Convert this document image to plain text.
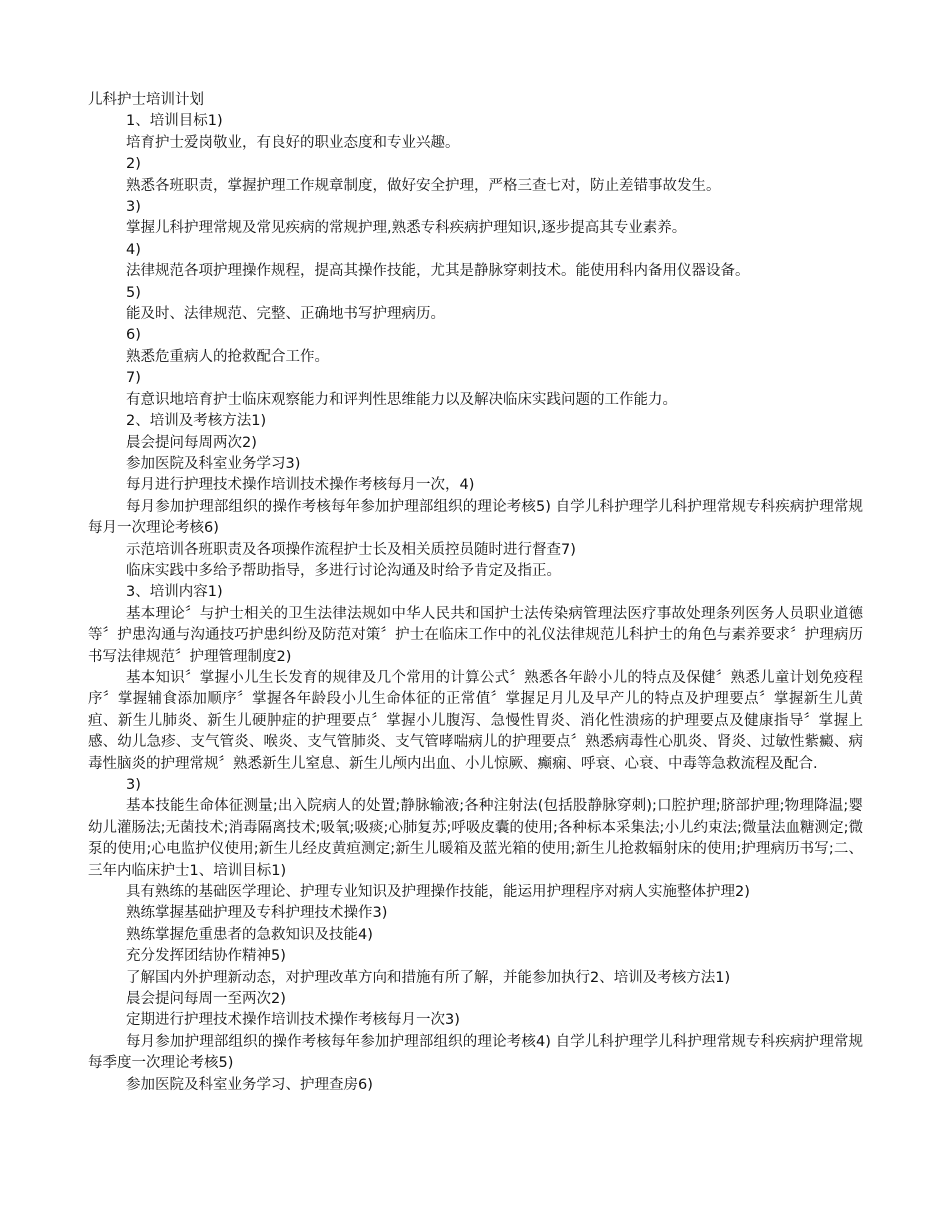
儿科护士培训计划

1、培训目标1)

培育护士爱岗敬业，有良好的职业态度和专业兴趣。

2)

熟悉各班职责，掌握护理工作规章制度，做好安全护理，严格三查七对，防止差错事故发生。

3)

掌握儿科护理常规及常见疾病的常规护理,熟悉专科疾病护理知识,逐步提高其专业素养。

4)

法律规范各项护理操作规程，提高其操作技能，尤其是静脉穿刺技术。能使用科内备用仪器设备。

5)

能及时、法律规范、完整、正确地书写护理病历。

6)

熟悉危重病人的抢救配合工作。

7)

有意识地培育护士临床观察能力和评判性思维能力以及解决临床实践问题的工作能力。

2、培训及考核方法1)

晨会提问每周两次2)

参加医院及科室业务学习3)

每月进行护理技术操作培训技术操作考核每月一次，4)

每月参加护理部组织的操作考核每年参加护理部组织的理论考核5) 自学儿科护理学儿科护理常规专科疾病护理常规每月一次理论考核6)

示范培训各班职责及各项操作流程护士长及相关质控员随时进行督查7)

临床实践中多给予帮助指导，多进行讨论沟通及时给予肯定及指正。

3、培训内容1)

基本理论〞与护士相关的卫生法律法规如中华人民共和国护士法传染病管理法医疗事故处理条列医务人员职业道德等〞护患沟通与沟通技巧护患纠纷及防范对策〞护士在临床工作中的礼仪法律规范儿科护士的角色与素养要求〞护理病历书写法律规范〞护理管理制度2)

基本知识〞掌握小儿生长发育的规律及几个常用的计算公式〞熟悉各年龄小儿的特点及保健〞熟悉儿童计划免疫程序〞掌握辅食添加顺序〞掌握各年龄段小儿生命体征的正常值〞掌握足月儿及早产儿的特点及护理要点〞掌握新生儿黄疸、新生儿肺炎、新生儿硬肿症的护理要点〞掌握小儿腹泻、急慢性胃炎、消化性溃疡的护理要点及健康指导〞掌握上感、幼儿急疹、支气管炎、喉炎、支气管肺炎、支气管哮喘病儿的护理要点〞熟悉病毒性心肌炎、肾炎、过敏性紫癜、病毒性脑炎的护理常规〞熟悉新生儿窒息、新生儿颅内出血、小儿惊厥、癫痫、呼衰、心衰、中毒等急救流程及配合.

3)

基本技能生命体征测量;出入院病人的处置;静脉输液;各种注射法(包括股静脉穿刺);口腔护理;脐部护理;物理降温;婴幼儿灌肠法;无菌技术;消毒隔离技术;吸氧;吸痰;心肺复苏;呼吸皮囊的使用;各种标本采集法;小儿约束法;微量法血糖测定;微泵的使用;心电监护仪使用;新生儿经皮黄疸测定;新生儿暖箱及蓝光箱的使用;新生儿抢救辐射床的使用;护理病历书写;二、三年内临床护士1、培训目标1)

具有熟练的基础医学理论、护理专业知识及护理操作技能，能运用护理程序对病人实施整体护理2)

熟练掌握基础护理及专科护理技术操作3)

熟练掌握危重患者的急救知识及技能4)

充分发挥团结协作精神5)

了解国内外护理新动态，对护理改革方向和措施有所了解，并能参加执行2、培训及考核方法1)

晨会提问每周一至两次2)

定期进行护理技术操作培训技术操作考核每月一次3)

每月参加护理部组织的操作考核每年参加护理部组织的理论考核4) 自学儿科护理学儿科护理常规专科疾病护理常规每季度一次理论考核5)

参加医院及科室业务学习、护理查房6)
